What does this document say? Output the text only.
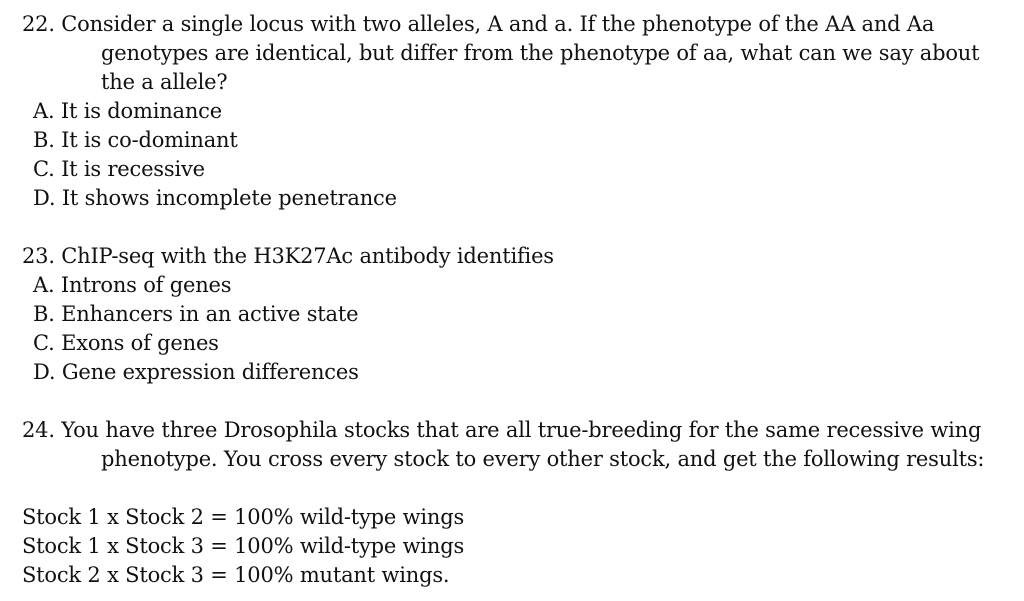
22. Consider a single locus with two alleles, A and a. If the phenotype of the AA and Aa
genotypes are identical, but differ from the phenotype of aa, what can we say about
the a allele?
A. It is dominance
B. It is co-dominant
C. It is recessive
D. It shows incomplete penetrance
23. ChIP-seq with the H3K27Ac antibody identifies
A. Introns of genes
B. Enhancers in an active state
C. Exons of genes
D. Gene expression differences
24. You have three Drosophila stocks that are all true-breeding for the same recessive wing
phenotype. You cross every stock to every other stock, and get the following results:
Stock 1 x Stock 2 = 100% wild-type wings
Stock 1 x Stock 3 = 100% wild-type wings
Stock 2 x Stock 3 = 100% mutant wings.
